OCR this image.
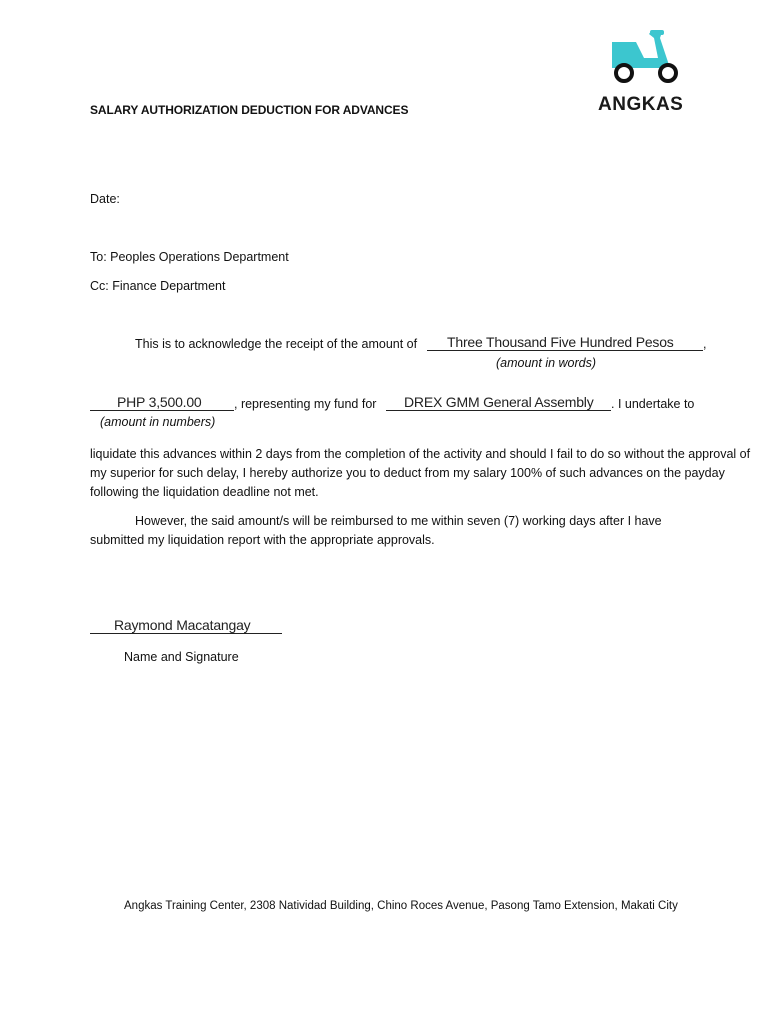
ANGKAS
SALARY AUTHORIZATION DEDUCTION FOR ADVANCES
Date:
To: Peoples Operations Department
Cc: Finance Department
This is to acknowledge the receipt of the amount of Three Thousand Five Hundred Pesos ,
(amount in words)
PHP 3,500.00	, representing my fund for DREX GMM General Assembly . I undertake to
(amount in numbers)
liquidate this advances within 2 days from the completion of the activity and should I fail to do so without the approval of my superior for such delay, I hereby authorize you to deduct from my salary 100% of such advances on the payday following the liquidation deadline not met.
However, the said amount/s will be reimbursed to me within seven (7) working days after I have
submitted my liquidation report with the appropriate approvals.
Raymond Macatangay
Name and Signature
Angkas Training Center, 2308 Natividad Building, Chino Roces Avenue, Pasong Tamo Extension, Makati City
